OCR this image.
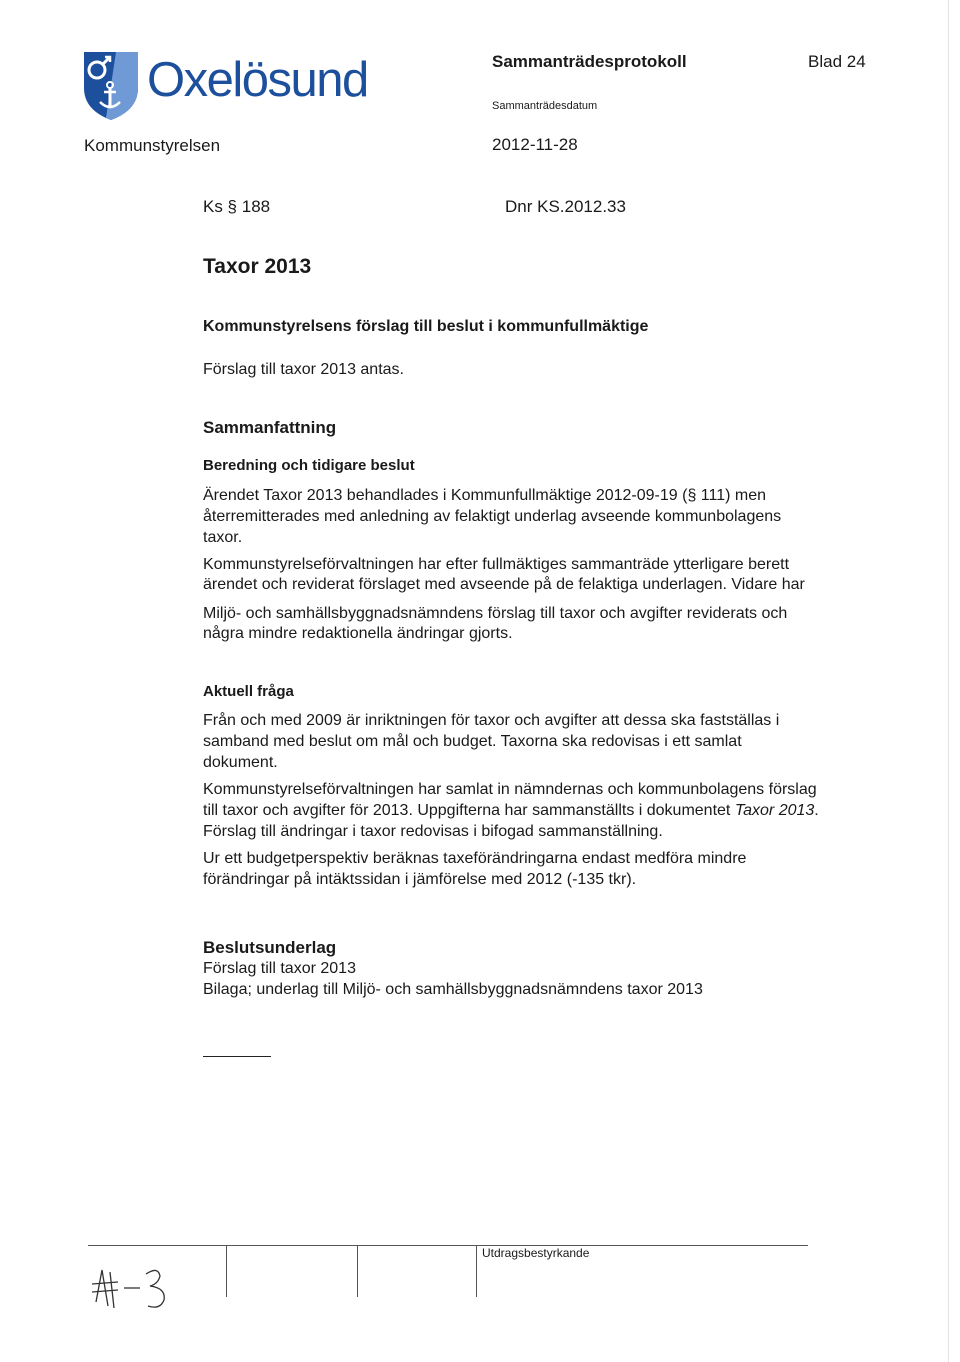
Oxelösund
Kommunstyrelsen
Sammanträdesprotokoll	Blad 24
Sammanträdesdatum
2012-11-28
Ks § 188	Dnr KS.2012.33
Taxor 2013
Kommunstyrelsens förslag till beslut i kommunfullmäktige
Förslag till taxor 2013 antas.
Sammanfattning
Beredning och tidigare beslut
Ärendet Taxor 2013 behandlades i Kommunfullmäktige 2012-09-19 (§ 111) men
återremitterades med anledning av felaktigt underlag avseende kommunbolagens
taxor.
Kommunstyrelseförvaltningen har efter fullmäktiges sammanträde ytterligare berett
ärendet och reviderat förslaget med avseende på de felaktiga underlagen. Vidare har
Miljö- och samhällsbyggnadsnämndens förslag till taxor och avgifter reviderats och
några mindre redaktionella ändringar gjorts.
Aktuell fråga
Från och med 2009 är inriktningen för taxor och avgifter att dessa ska fastställas i
samband med beslut om mål och budget. Taxorna ska redovisas i ett samlat
dokument.
Kommunstyrelseförvaltningen har samlat in nämndernas och kommunbolagens förslag
till taxor och avgifter för 2013. Uppgifterna har sammanställts i dokumentet Taxor 2013.
Förslag till ändringar i taxor redovisas i bifogad sammanställning.
Ur ett budgetperspektiv beräknas taxeförändringarna endast medföra mindre
förändringar på intäktssidan i jämförelse med 2012 (-135 tkr).
Beslutsunderlag
Förslag till taxor 2013
Bilaga; underlag till Miljö- och samhällsbyggnadsnämndens taxor 2013
Utdragsbestyrkande
